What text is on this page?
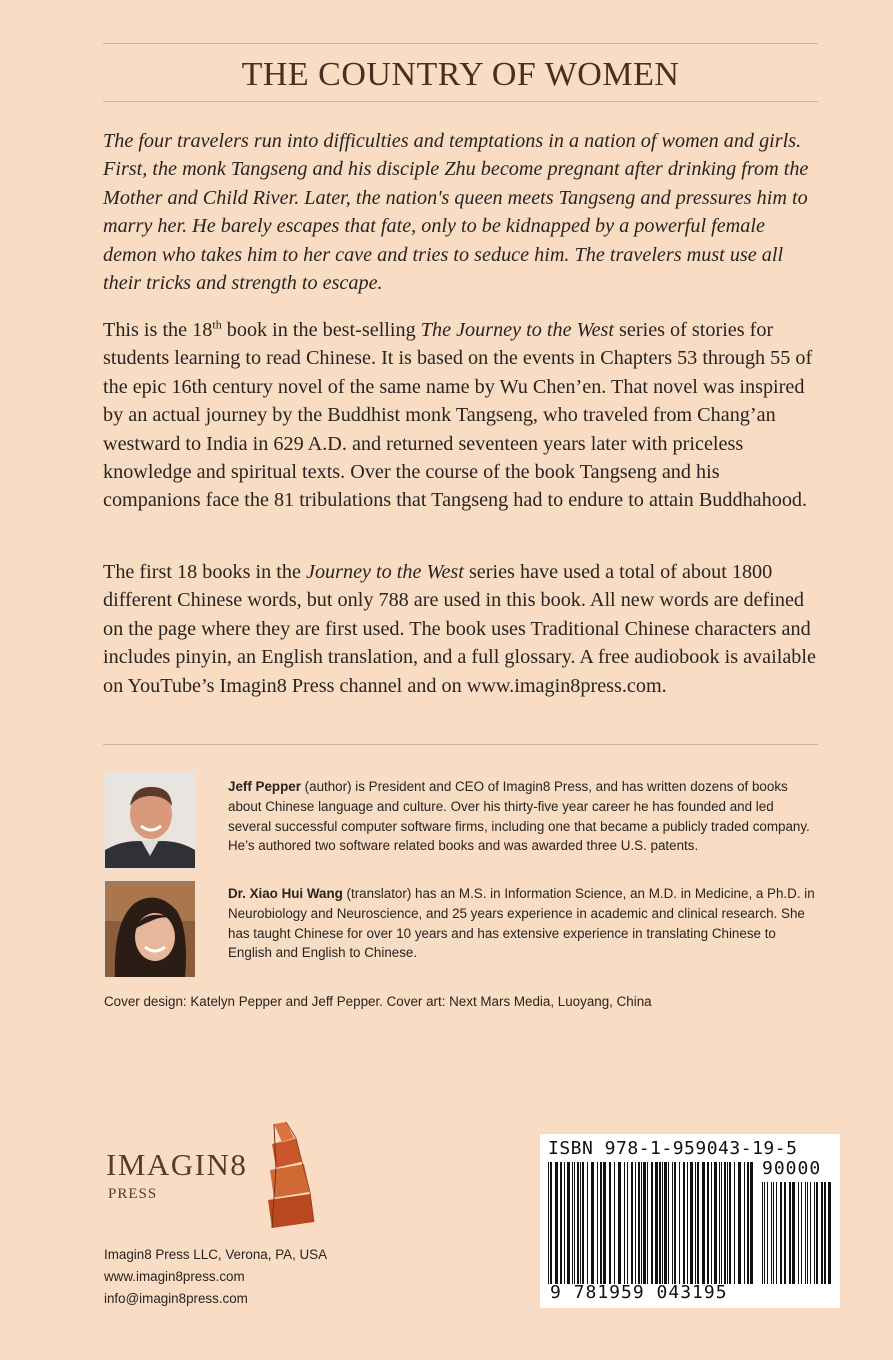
THE COUNTRY OF WOMEN

The four travelers run into difficulties and temptations in a nation of women and girls. First, the monk Tangseng and his disciple Zhu become pregnant after drinking from the Mother and Child River. Later, the nation's queen meets Tangseng and pressures him to marry her. He barely escapes that fate, only to be kidnapped by a powerful female demon who takes him to her cave and tries to seduce him. The travelers must use all their tricks and strength to escape.

This is the 18th book in the best-selling The Journey to the West series of stories for students learning to read Chinese. It is based on the events in Chapters 53 through 55 of the epic 16th century novel of the same name by Wu Chen’en. That novel was inspired by an actual journey by the Buddhist monk Tangseng, who traveled from Chang’an westward to India in 629 A.D. and returned seventeen years later with priceless knowledge and spiritual texts. Over the course of the book Tangseng and his companions face the 81 tribulations that Tangseng had to endure to attain Buddhahood.

The first 18 books in the Journey to the West series have used a total of about 1800 different Chinese words, but only 788 are used in this book. All new words are defined on the page where they are first used. The book uses Traditional Chinese characters and includes pinyin, an English translation, and a full glossary. A free audiobook is available on YouTube’s Imagin8 Press channel and on www.imagin8press.com.

Jeff Pepper (author) is President and CEO of Imagin8 Press, and has written dozens of books about Chinese language and culture. Over his thirty-five year career he has founded and led several successful computer software firms, including one that became a publicly traded company. He’s authored two software related books and was awarded three U.S. patents.

Dr. Xiao Hui Wang (translator) has an M.S. in Information Science, an M.D. in Medicine, a Ph.D. in Neurobiology and Neuroscience, and 25 years experience in academic and clinical research. She has taught Chinese for over 10 years and has extensive experience in translating Chinese to English and English to Chinese.

Cover design: Katelyn Pepper and Jeff Pepper. Cover art: Next Mars Media, Luoyang, China

IMAGIN8

PRESS

Imagin8 Press LLC, Verona, PA, USA

www.imagin8press.com

info@imagin8press.com

ISBN 978-1-959043-19-5

90000

9 781959 043195
